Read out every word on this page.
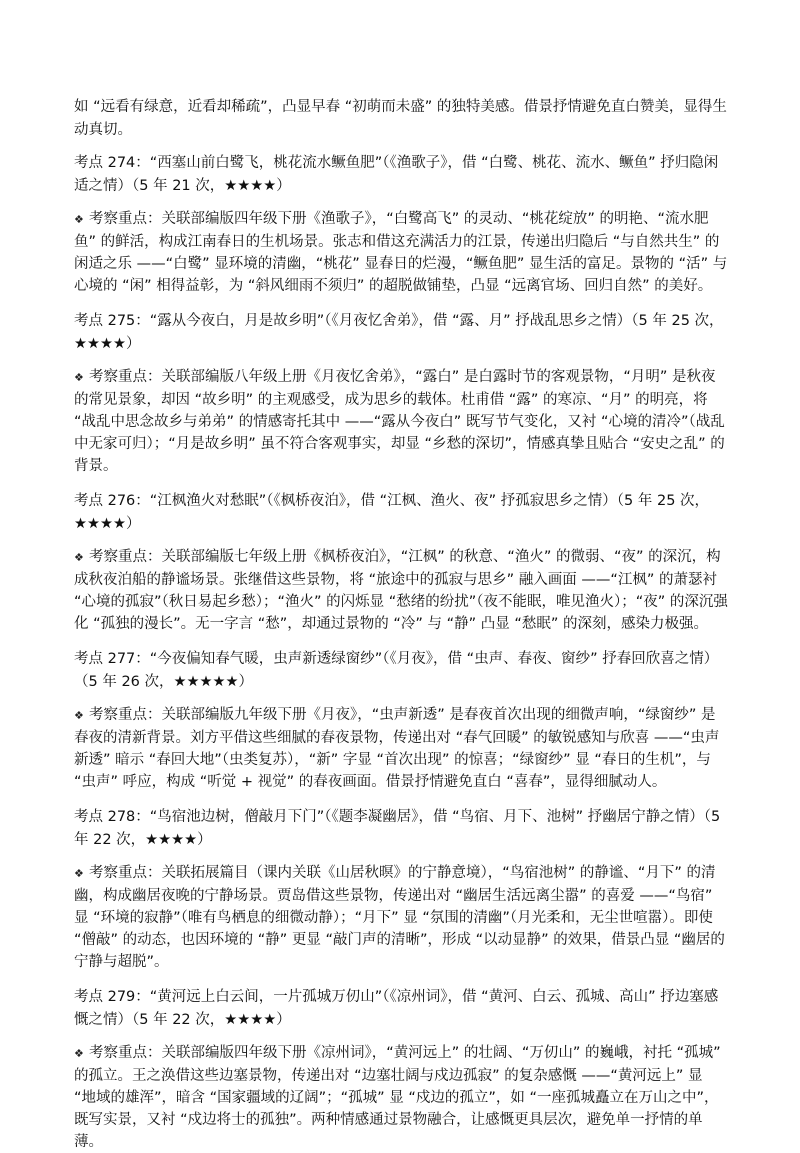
如 “远看有绿意，近看却稀疏”，凸显早春 “初萌而未盛” 的独特美感。借景抒情避免直白赞美，显得生动真切。

考点 274：“西塞山前白鹭飞，桃花流水鳜鱼肥”（《渔歌子》，借 “白鹭、桃花、流水、鳜鱼” 抒归隐闲适之情）（5 年 21 次，★★★★）

❖ 考察重点：关联部编版四年级下册《渔歌子》，“白鹭高飞” 的灵动、“桃花绽放” 的明艳、“流水肥鱼” 的鲜活，构成江南春日的生机场景。张志和借这充满活力的江景，传递出归隐后 “与自然共生” 的闲适之乐 ——“白鹭” 显环境的清幽，“桃花” 显春日的烂漫，“鳜鱼肥” 显生活的富足。景物的 “活” 与心境的 “闲” 相得益彰，为 “斜风细雨不须归” 的超脱做铺垫，凸显 “远离官场、回归自然” 的美好。

考点 275：“露从今夜白，月是故乡明”（《月夜忆舍弟》，借 “露、月” 抒战乱思乡之情）（5 年 25 次，★★★★）

❖ 考察重点：关联部编版八年级上册《月夜忆舍弟》，“露白” 是白露时节的客观景物，“月明” 是秋夜的常见景象，却因 “故乡明” 的主观感受，成为思乡的载体。杜甫借 “露” 的寒凉、“月” 的明亮，将 “战乱中思念故乡与弟弟” 的情感寄托其中 ——“露从今夜白” 既写节气变化，又衬 “心境的清冷”（战乱中无家可归）；“月是故乡明” 虽不符合客观事实，却显 “乡愁的深切”，情感真挚且贴合 “安史之乱” 的背景。

考点 276：“江枫渔火对愁眠”（《枫桥夜泊》，借 “江枫、渔火、夜” 抒孤寂思乡之情）（5 年 25 次，★★★★）

❖ 考察重点：关联部编版七年级上册《枫桥夜泊》，“江枫” 的秋意、“渔火” 的微弱、“夜” 的深沉，构成秋夜泊船的静谧场景。张继借这些景物，将 “旅途中的孤寂与思乡” 融入画面 ——“江枫” 的萧瑟衬 “心境的孤寂”（秋日易起乡愁）；“渔火” 的闪烁显 “愁绪的纷扰”（夜不能眠，唯见渔火）；“夜” 的深沉强化 “孤独的漫长”。无一字言 “愁”，却通过景物的 “冷” 与 “静” 凸显 “愁眠” 的深刻，感染力极强。

考点 277：“今夜偏知春气暖，虫声新透绿窗纱”（《月夜》，借 “虫声、春夜、窗纱” 抒春回欣喜之情）（5 年 26 次，★★★★★）

❖ 考察重点：关联部编版九年级下册《月夜》，“虫声新透” 是春夜首次出现的细微声响，“绿窗纱” 是春夜的清新背景。刘方平借这些细腻的春夜景物，传递出对 “春气回暖” 的敏锐感知与欣喜 ——“虫声新透” 暗示 “春回大地”（虫类复苏），“新” 字显 “首次出现” 的惊喜；“绿窗纱” 显 “春日的生机”，与 “虫声” 呼应，构成 “听觉 + 视觉” 的春夜画面。借景抒情避免直白 “喜春”，显得细腻动人。

考点 278：“鸟宿池边树，僧敲月下门”（《题李凝幽居》，借 “鸟宿、月下、池树” 抒幽居宁静之情）（5 年 22 次，★★★★）

❖ 考察重点：关联拓展篇目（课内关联《山居秋暝》的宁静意境），“鸟宿池树” 的静谧、“月下” 的清幽，构成幽居夜晚的宁静场景。贾岛借这些景物，传递出对 “幽居生活远离尘嚣” 的喜爱 ——“鸟宿” 显 “环境的寂静”（唯有鸟栖息的细微动静）；“月下” 显 “氛围的清幽”（月光柔和，无尘世喧嚣）。即使 “僧敲” 的动态，也因环境的 “静” 更显 “敲门声的清晰”，形成 “以动显静” 的效果，借景凸显 “幽居的宁静与超脱”。

考点 279：“黄河远上白云间，一片孤城万仞山”（《凉州词》，借 “黄河、白云、孤城、高山” 抒边塞感慨之情）（5 年 22 次，★★★★）

❖ 考察重点：关联部编版四年级下册《凉州词》，“黄河远上” 的壮阔、“万仞山” 的巍峨，衬托 “孤城” 的孤立。王之涣借这些边塞景物，传递出对 “边塞壮阔与戍边孤寂” 的复杂感慨 ——“黄河远上” 显 “地域的雄浑”，暗含 “国家疆域的辽阔”；“孤城” 显 “戍边的孤立”，如 “一座孤城矗立在万山之中”，既写实景，又衬 “戍边将士的孤独”。两种情感通过景物融合，让感慨更具层次，避免单一抒情的单薄。
